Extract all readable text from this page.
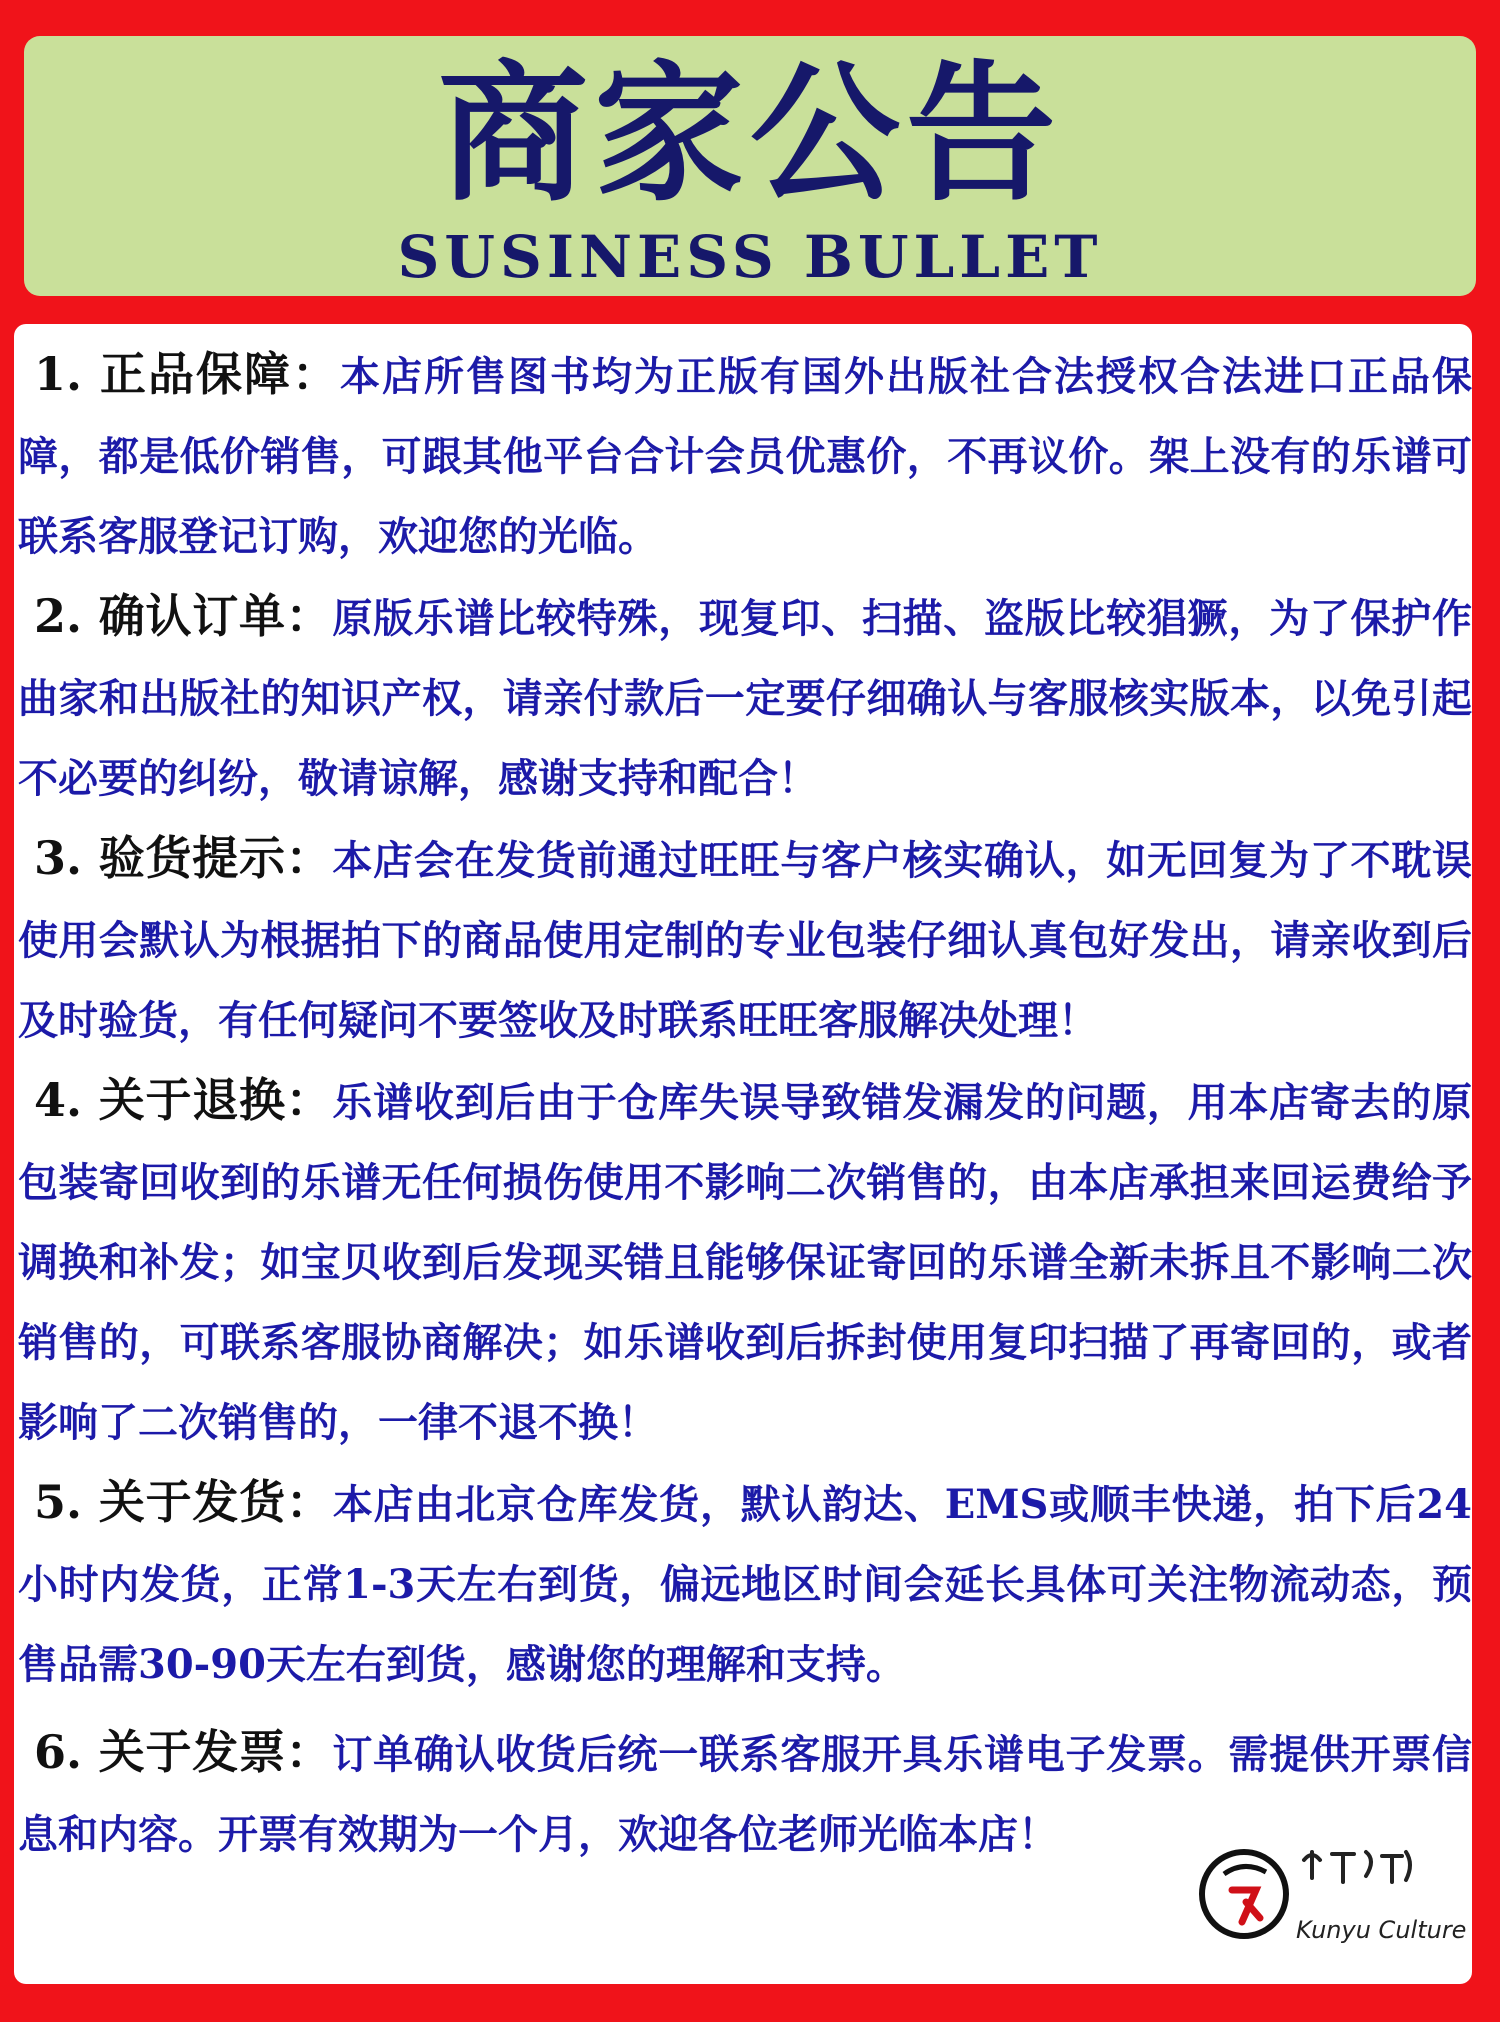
商家公告
SUSINESS BULLET
1. 正品保障：本店所售图书均为正版有国外出版社合法授权合法进口正品保障，都是低价销售，可跟其他平台合计会员优惠价，不再议价。架上没有的乐谱可联系客服登记订购，欢迎您的光临。
2. 确认订单：原版乐谱比较特殊，现复印、扫描、盗版比较猖獗，为了保护作曲家和出版社的知识产权，请亲付款后一定要仔细确认与客服核实版本，以免引起不必要的纠纷，敬请谅解，感谢支持和配合！
3. 验货提示：本店会在发货前通过旺旺与客户核实确认，如无回复为了不耽误使用会默认为根据拍下的商品使用定制的专业包装仔细认真包好发出，请亲收到后及时验货，有任何疑问不要签收及时联系旺旺客服解决处理！
4. 关于退换：乐谱收到后由于仓库失误导致错发漏发的问题，用本店寄去的原包装寄回收到的乐谱无任何损伤使用不影响二次销售的，由本店承担来回运费给予调换和补发；如宝贝收到后发现买错且能够保证寄回的乐谱全新未拆且不影响二次销售的，可联系客服协商解决；如乐谱收到后拆封使用复印扫描了再寄回的，或者影响了二次销售的，一律不退不换！
5. 关于发货：本店由北京仓库发货，默认韵达、EMS或顺丰快递，拍下后24小时内发货，正常1-3天左右到货，偏远地区时间会延长具体可关注物流动态，预售品需30-90天左右到货，感谢您的理解和支持。
6. 关于发票：订单确认收货后统一联系客服开具乐谱电子发票。需提供开票信息和内容。开票有效期为一个月，欢迎各位老师光临本店！
Kunyu Culture
